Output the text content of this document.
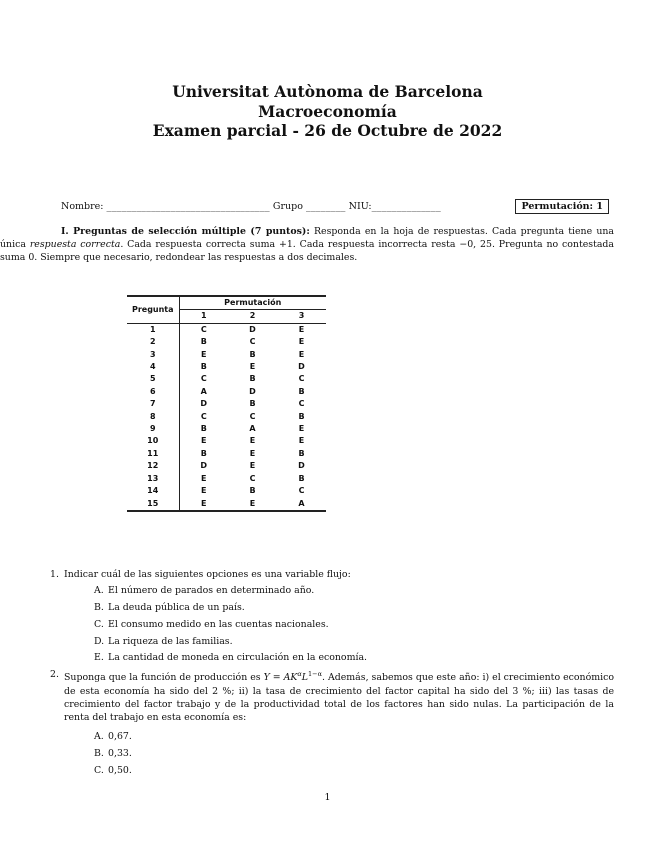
Universitat Autònoma de Barcelona
Macroeconomía
Examen parcial - 26 de Octubre de 2022
Nombre: _________________________________ Grupo ________ NIU:______________	Permutación: 1
I. Preguntas de selección múltiple (7 puntos): Responda en la hoja de respuestas. Cada pregunta tiene una única respuesta correcta. Cada respuesta correcta suma +1. Cada respuesta incorrecta resta −0, 25. Pregunta no contestada suma 0. Siempre que necesario, redondear las respuestas a dos decimales.
Pregunta	Permutación		
	1	2	3
1	C	D	E
2	B	C	E
3	E	B	E
4	B	E	D
5	C	B	C
6	A	D	B
7	D	B	C
8	C	C	B
9	B	A	E
10	E	E	E
11	B	E	B
12	D	E	D
13	E	C	B
14	E	B	C
15	E	E	A
1. Indicar cuál de las siguientes opciones es una variable flujo:
A. El número de parados en determinado año.
B. La deuda pública de un país.
C. El consumo medido en las cuentas nacionales.
D. La riqueza de las familias.
E. La cantidad de moneda en circulación en la economía.
2. Suponga que la función de producción es $Y = AK^\alpha L^{1-\alpha}$. Además, sabemos que este año: i) el crecimiento económico de esta economía ha sido del 2 %; ii) la tasa de crecimiento del factor capital ha sido del 3 %; iii) las tasas de crecimiento del factor trabajo y de la productividad total de los factores han sido nulas. La participación de la renta del trabajo en esta economía es:
A. 0,67.
B. 0,33.
C. 0,50.
1
